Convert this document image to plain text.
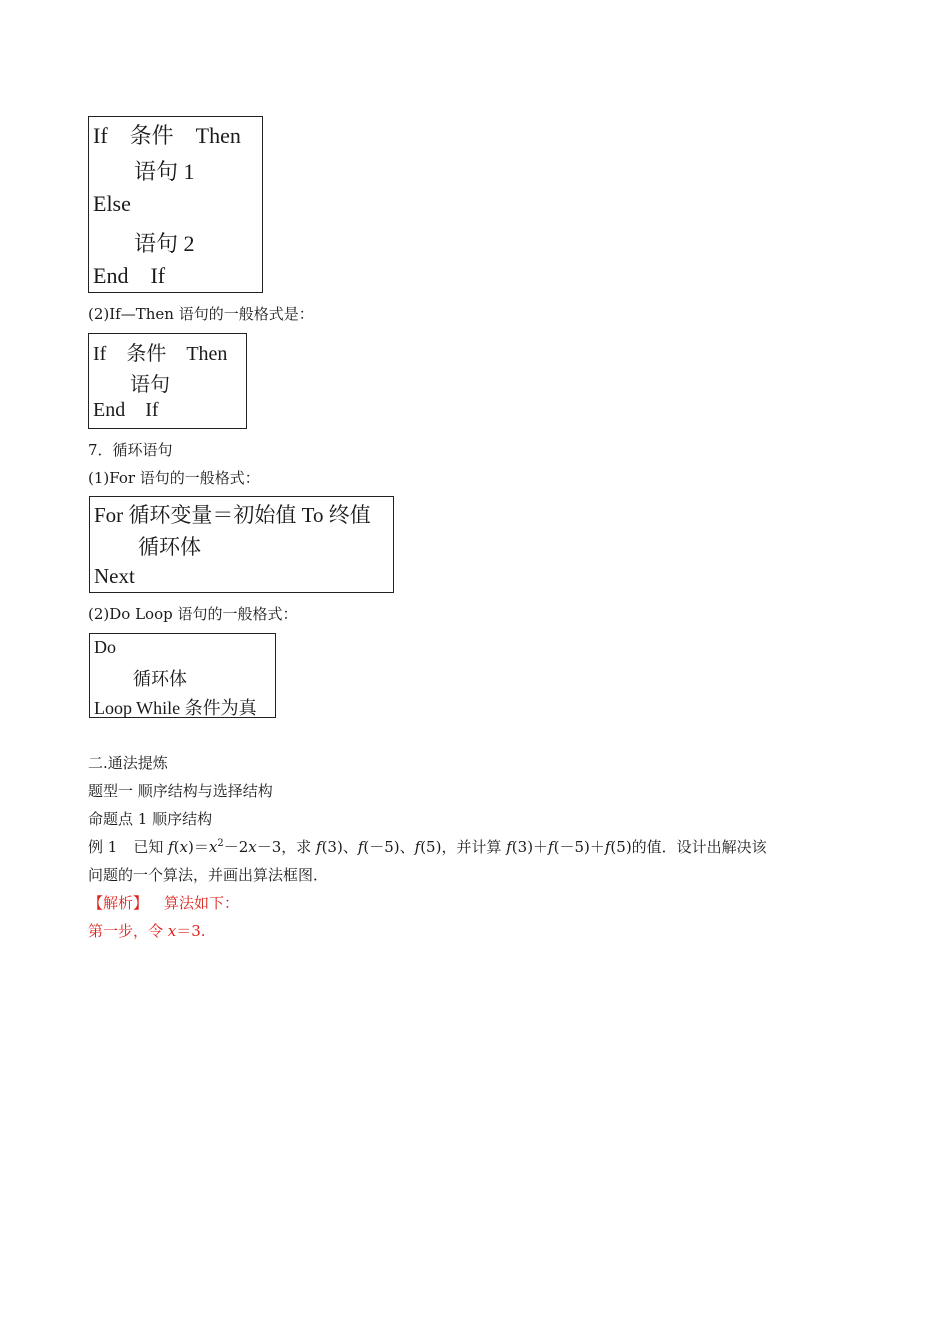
If    条件    Then
语句 1
Else
语句 2
End    If
(2)If—Then 语句的一般格式是：
If    条件    Then
语句
End    If
7．循环语句
(1)For 语句的一般格式：
For 循环变量＝初始值 To 终值
循环体
Next
(2)Do Loop 语句的一般格式：
Do
循环体
Loop While 条件为真
二.通法提炼
题型一 顺序结构与选择结构
命题点 1 顺序结构
例 1 已知 $f(x)=x^2-2x-3$，求 f(3)、f(－5)、f(5)，并计算 f(3)＋f(－5)＋f(5)的值．设计出解决该
问题的一个算法，并画出算法框图．
【解析】 算法如下：
第一步，令 x＝3.
